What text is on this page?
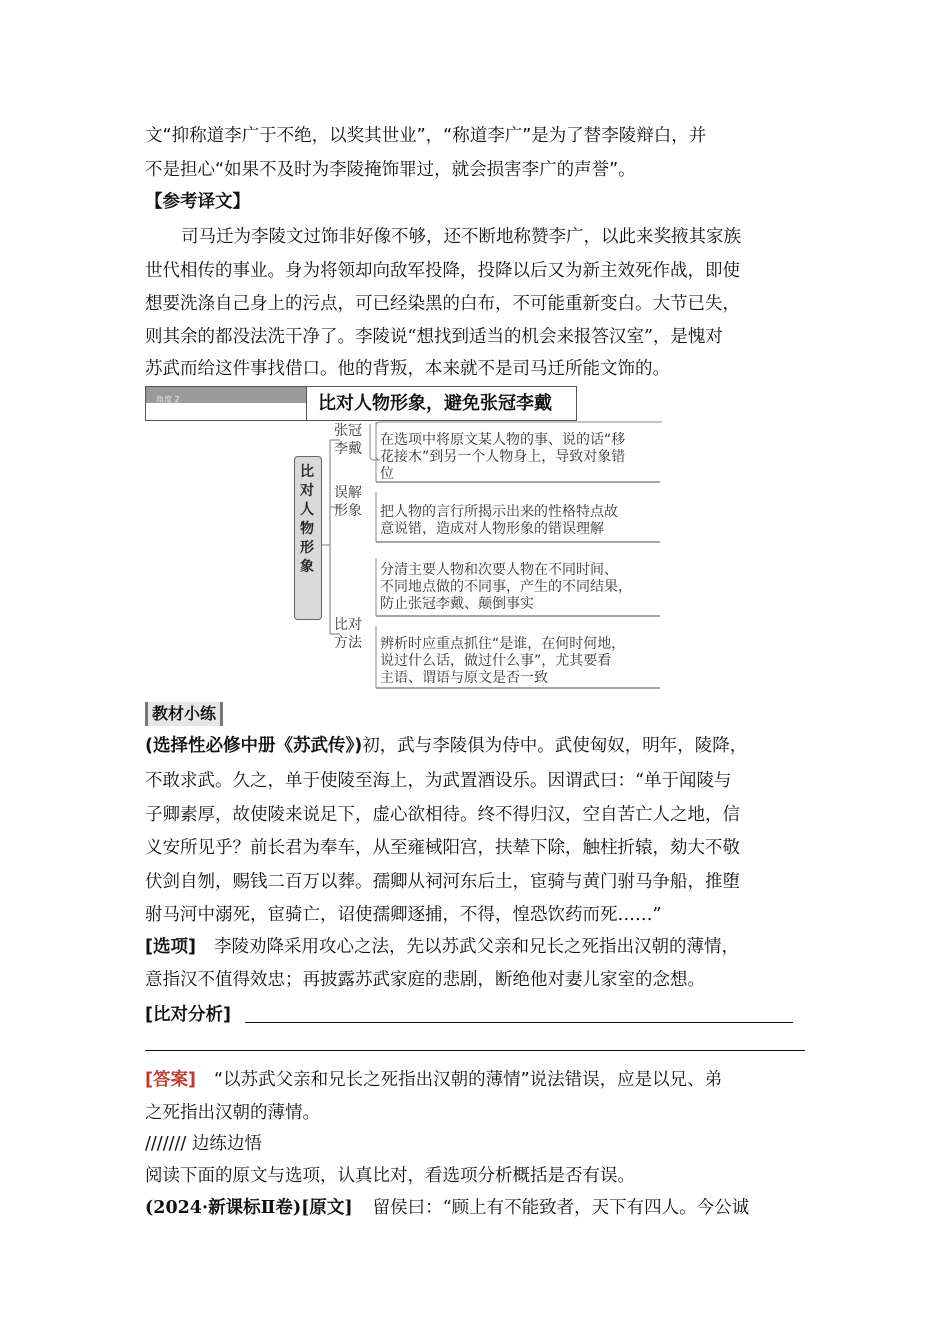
文“抑称道李广于不绝，以奖其世业”，“称道李广”是为了替李陵辩白，并
不是担心“如果不及时为李陵掩饰罪过，就会损害李广的声誉”。
【参考译文】
司马迁为李陵文过饰非好像不够，还不断地称赞李广，以此来奖掖其家族
世代相传的事业。身为将领却向敌军投降，投降以后又为新主效死作战，即使
想要洗涤自己身上的污点，可已经染黑的白布，不可能重新变白。大节已失，
则其余的都没法洗干净了。李陵说“想找到适当的机会来报答汉室”，是愧对
苏武而给这件事找借口。他的背叛，本来就不是司马迁所能文饰的。
角度 2	比对人物形象，避免张冠李戴
比对人物形象
张冠李戴
在选项中将原文某人物的事、说的话“移
花接木”到另一个人物身上，导致对象错
位
误解形象 把人物的言行所揭示出来的性格特点故
意说错，造成对人物形象的错误理解
比对方法
分清主要人物和次要人物在不同时间、
不同地点做的不同事，产生的不同结果，
防止张冠李戴、颠倒事实
辨析时应重点抓住“是谁，在何时何地，
说过什么话，做过什么事”，尤其要看
主语、谓语与原文是否一致
教材小练
(选择性必修中册《苏武传》)初，武与李陵俱为侍中。武使匈奴，明年，陵降，
不敢求武。久之，单于使陵至海上，为武置酒设乐。因谓武曰：“单于闻陵与
子卿素厚，故使陵来说足下，虚心欲相待。终不得归汉，空自苦亡人之地，信
义安所见乎？前长君为奉车，从至雍棫阳宫，扶辇下除，触柱折辕，劾大不敬
伏剑自刎，赐钱二百万以葬。孺卿从祠河东后土，宦骑与黄门驸马争船，推堕
驸马河中溺死，宦骑亡，诏使孺卿逐捕，不得，惶恐饮药而死……”
[选项] 李陵劝降采用攻心之法，先以苏武父亲和兄长之死指出汉朝的薄情，
意指汉不值得效忠；再披露苏武家庭的悲剧，断绝他对妻儿家室的念想。
[比对分析]
[答案] “以苏武父亲和兄长之死指出汉朝的薄情”说法错误，应是以兄、弟
之死指出汉朝的薄情。
/////// 边练边悟
阅读下面的原文与选项，认真比对，看选项分析概括是否有误。
(2024·新课标Ⅱ卷)[原文] 留侯曰：“顾上有不能致者，天下有四人。今公诚
